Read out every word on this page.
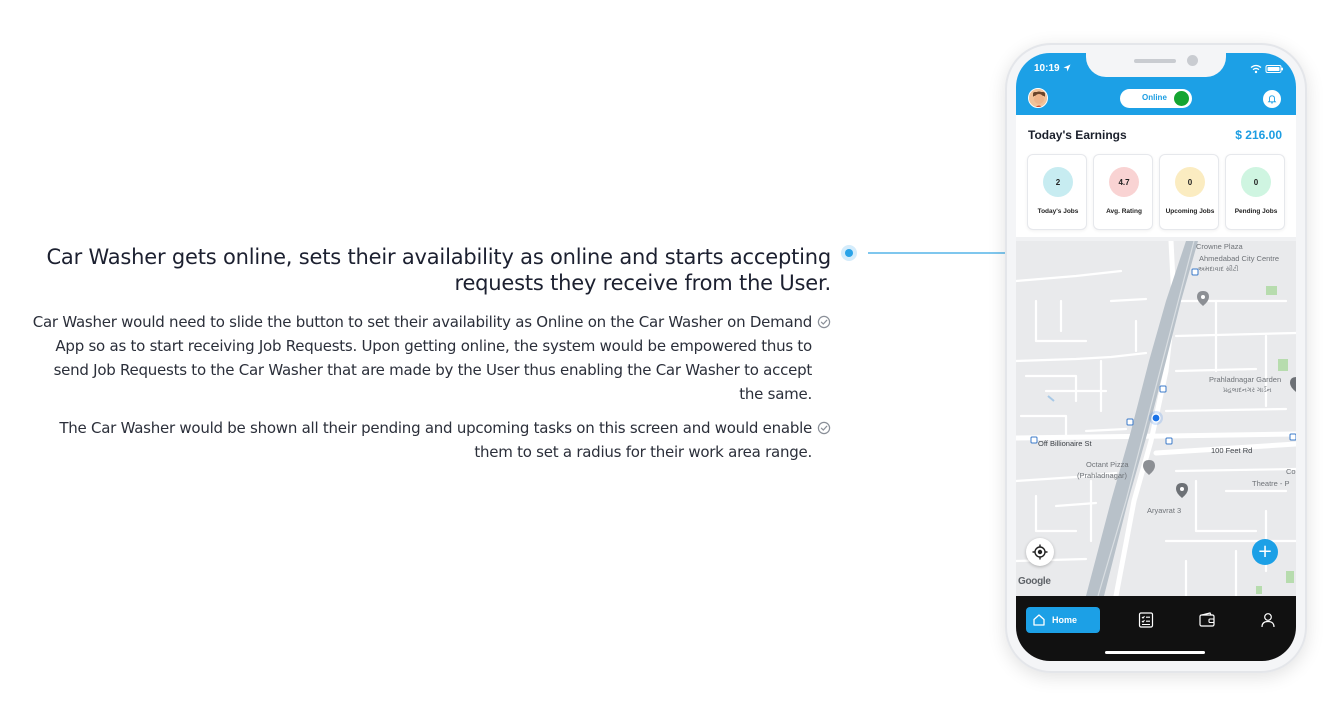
Car Washer gets online, sets their availability as online and starts accepting requests they receive from the User.
Car Washer would need to slide the button to set their availability as Online on the Car Washer on Demand App so as to start receiving Job Requests. Upon getting online, the system would be empowered thus to send Job Requests to the Car Washer that are made by the User thus enabling the Car Washer to accept the same.
The Car Washer would be shown all their pending and upcoming tasks on this screen and would enable them to set a radius for their work area range.
10:19
Online
Today's Earnings	$ 216.00
2
Today's Jobs
4.7
Avg. Rating
0
Upcoming Jobs
0
Pending Jobs
Crowne Plaza
Ahmedabad City Centre
અમદાવાદ સીટી
Prahladnagar Garden
પ્રહલાદનગર ગાર્ડન
Off Billionaire St
100 Feet Rd
Octant Pizza
(Prahladnagar)	Co
Theatre - P
Aryavrat 3
+
Google
Home
